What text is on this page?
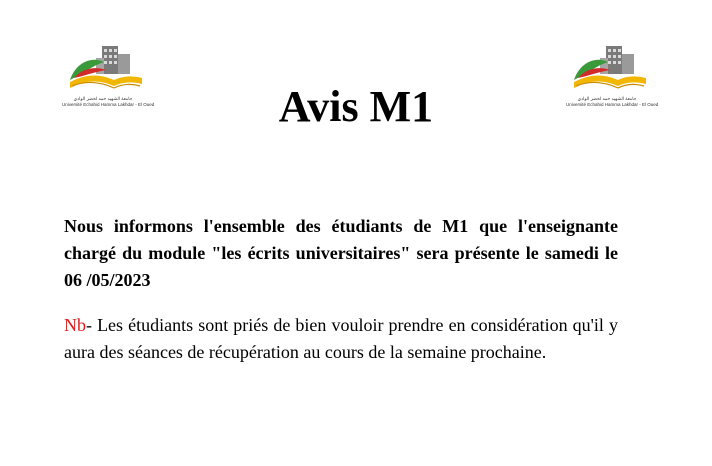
جامعة الشهيد حمه لخضر الوادي
Université Echahid Hamma Lakhdar - El Oued
جامعة الشهيد حمه لخضر الوادي
Université Echahid Hamma Lakhdar - El Oued
Avis M1

Nous informons l'ensemble des étudiants de M1 que l'enseignante chargé du module "les écrits universitaires" sera présente le samedi le 06 /05/2023

Nb- Les étudiants sont priés de bien vouloir prendre en considération qu'il y aura des séances de récupération au cours de la semaine prochaine.
